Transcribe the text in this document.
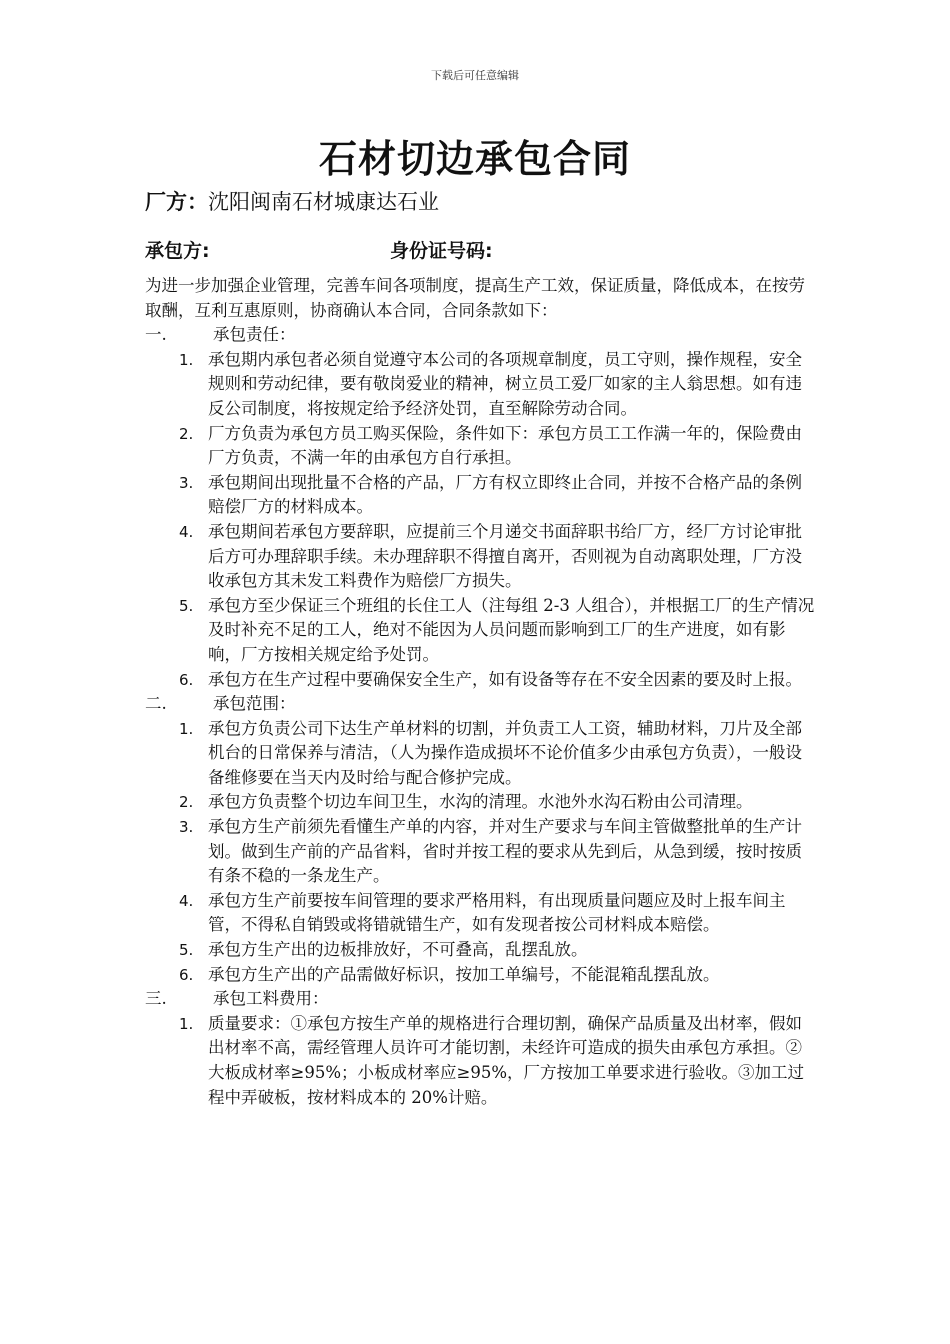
下载后可任意编辑
石材切边承包合同
厂方：沈阳闽南石材城康达石业
承包方:	身份证号码:

为进一步加强企业管理，完善车间各项制度，提高生产工效，保证质量，降低成本，在按劳取酬，互利互惠原则，协商确认本合同，合同条款如下：

一.	承包责任：
1. 承包期内承包者必须自觉遵守本公司的各项规章制度，员工守则，操作规程，安全规则和劳动纪律，要有敬岗爱业的精神，树立员工爱厂如家的主人翁思想。如有违反公司制度，将按规定给予经济处罚，直至解除劳动合同。
2. 厂方负责为承包方员工购买保险，条件如下：承包方员工工作满一年的，保险费由厂方负责，不满一年的由承包方自行承担。
3. 承包期间出现批量不合格的产品，厂方有权立即终止合同，并按不合格产品的条例赔偿厂方的材料成本。
4. 承包期间若承包方要辞职，应提前三个月递交书面辞职书给厂方，经厂方讨论审批后方可办理辞职手续。未办理辞职不得擅自离开，否则视为自动离职处理，厂方没收承包方其未发工料费作为赔偿厂方损失。
5. 承包方至少保证三个班组的长住工人（注每组 2-3 人组合），并根据工厂的生产情况及时补充不足的工人，绝对不能因为人员问题而影响到工厂的生产进度，如有影响，厂方按相关规定给予处罚。
6. 承包方在生产过程中要确保安全生产，如有设备等存在不安全因素的要及时上报。
二.	承包范围：
1. 承包方负责公司下达生产单材料的切割，并负责工人工资，辅助材料，刀片及全部机台的日常保养与清洁，（人为操作造成损坏不论价值多少由承包方负责），一般设备维修要在当天内及时给与配合修护完成。
2. 承包方负责整个切边车间卫生，水沟的清理。水池外水沟石粉由公司清理。
3. 承包方生产前须先看懂生产单的内容，并对生产要求与车间主管做整批单的生产计划。做到生产前的产品省料，省时并按工程的要求从先到后，从急到缓，按时按质有条不稳的一条龙生产。
4. 承包方生产前要按车间管理的要求严格用料，有出现质量问题应及时上报车间主管，不得私自销毁或将错就错生产，如有发现者按公司材料成本赔偿。
5. 承包方生产出的边板排放好，不可叠高，乱摆乱放。
6. 承包方生产出的产品需做好标识，按加工单编号，不能混箱乱摆乱放。
三.	承包工料费用：
1. 质量要求：①承包方按生产单的规格进行合理切割，确保产品质量及出材率，假如出材率不高，需经管理人员许可才能切割，未经许可造成的损失由承包方承担。②大板成材率≥95%；小板成材率应≥95%，厂方按加工单要求进行验收。③加工过程中弄破板，按材料成本的 20%计赔。
